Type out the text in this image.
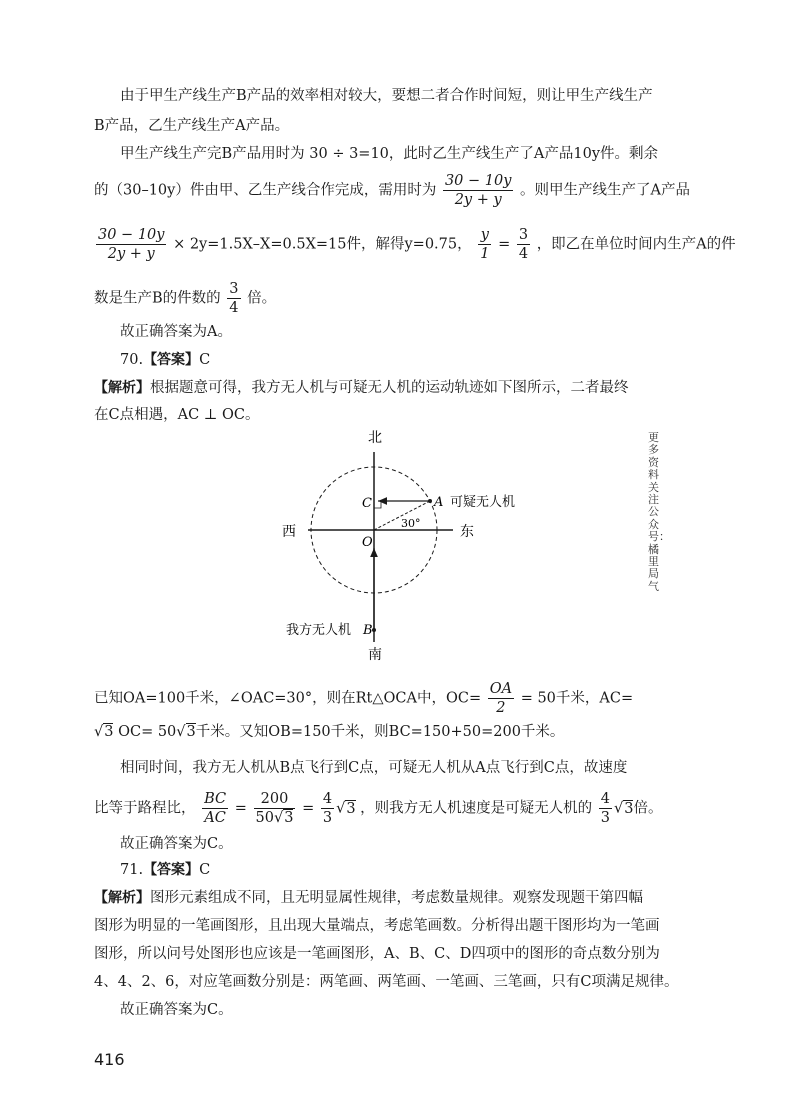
由于甲生产线生产B产品的效率相对较大，要想二者合作时间短，则让甲生产线生产
B产品，乙生产线生产A产品。
甲生产线生产完B产品用时为 30 ÷ 3=10，此时乙生产线生产了A产品10y件。剩余
的（30–10y）件由甲、乙生产线合作完成，需用时为 $\frac{30 - 10y}{2y + y}$ 。则甲生产线生产了A产品
$\frac{30 - 10y}{2y + y} \times 2y=1.5X-X=0.5X=15$件，解得y=0.75， $\frac{y}{1} = \frac{3}{4}$ ，即乙在单位时间内生产A的件
数是生产B的件数的 $\frac{3}{4}$ 倍。
故正确答案为A。
70.【答案】C
【解析】根据题意可得，我方无人机与可疑无人机的运动轨迹如下图所示，二者最终
在C点相遇，AC ⊥ OC。
北
南
东
西
C	A
O
B
30°
可疑无人机
我方无人机
更多资料关注公众号：橘里局气
已知OA=100千米，∠OAC=30°，则在Rt△OCA中，$OC= \frac{OA}{2} = 50$千米，AC=
√3 OC= 50√3千米。又知OB=150千米，则BC=150+50=200千米。
相同时间，我方无人机从B点飞行到C点，可疑无人机从A点飞行到C点，故速度
比等于路程比， $\frac{BC}{AC} = \frac{200}{50√3} = \frac{4}{3} √3$ ，则我方无人机速度是可疑无人机的 $\frac{4}{3} √3$倍。
故正确答案为C。
71.【答案】C
【解析】图形元素组成不同，且无明显属性规律，考虑数量规律。观察发现题干第四幅
图形为明显的一笔画图形，且出现大量端点，考虑笔画数。分析得出题干图形均为一笔画
图形，所以问号处图形也应该是一笔画图形，A、B、C、D四项中的图形的奇点数分别为
4、4、2、6，对应笔画数分别是：两笔画、两笔画、一笔画、三笔画，只有C项满足规律。
故正确答案为C。
416
